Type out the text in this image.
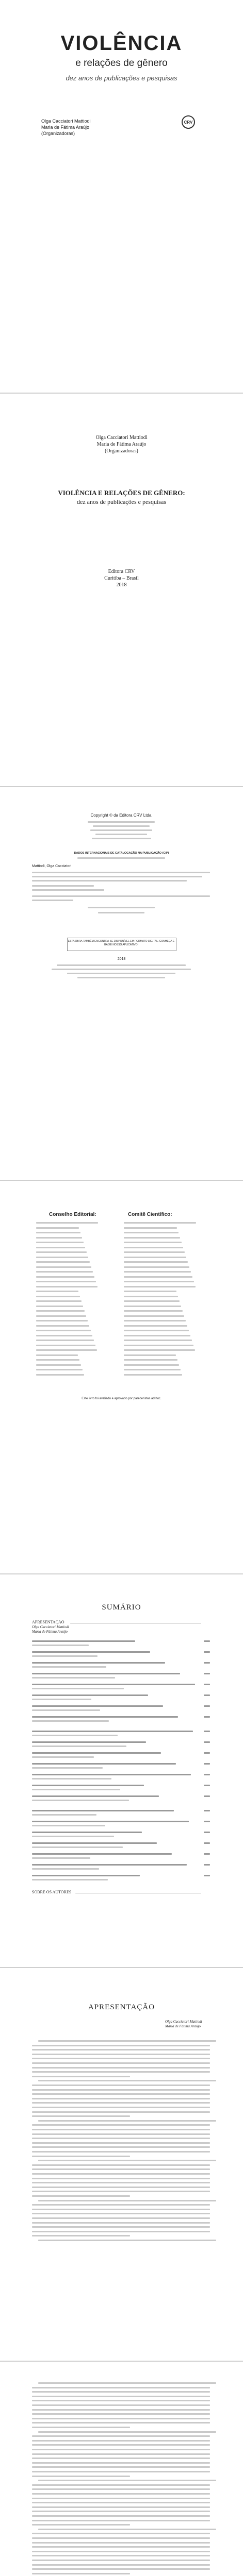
VIOLÊNCIA
e relações de gênero
dez anos de publicações e pesquisas
Olga Cacciatori Mattiodi
Maria de Fátima Araújo
(Organizadoras)
CRV
Olga Cacciatori Mattiodi
Maria de Fátima Araújo
(Organizadoras)
VIOLÊNCIA E RELAÇÕES DE GÊNERO:
dez anos de publicações e pesquisas
Editora CRV
Curitiba – Brasil
2018
Copyright © da Editora CRV Ltda.
DADOS INTERNACIONAIS DE CATALOGAÇÃO NA PUBLICAÇÃO (CIP)
Mattiodi, Olga Cacciatori
ESTA OBRA TAMBÉM ENCONTRA-SE DISPONÍVEL EM FORMATO DIGITAL. CONHEÇA E BAIXE NOSSO APLICATIVO!
2018
Conselho Editorial:	Comitê Científico:
Este livro foi avaliado e aprovado por pareceristas ad hoc.
SUMÁRIO
APRESENTAÇÃO
Olga Cacciatori Mattiodi
Maria de Fátima Araújo
SOBRE OS AUTORES
APRESENTAÇÃO
Olga Cacciatori Mattiodi
Maria de Fátima Araújo
